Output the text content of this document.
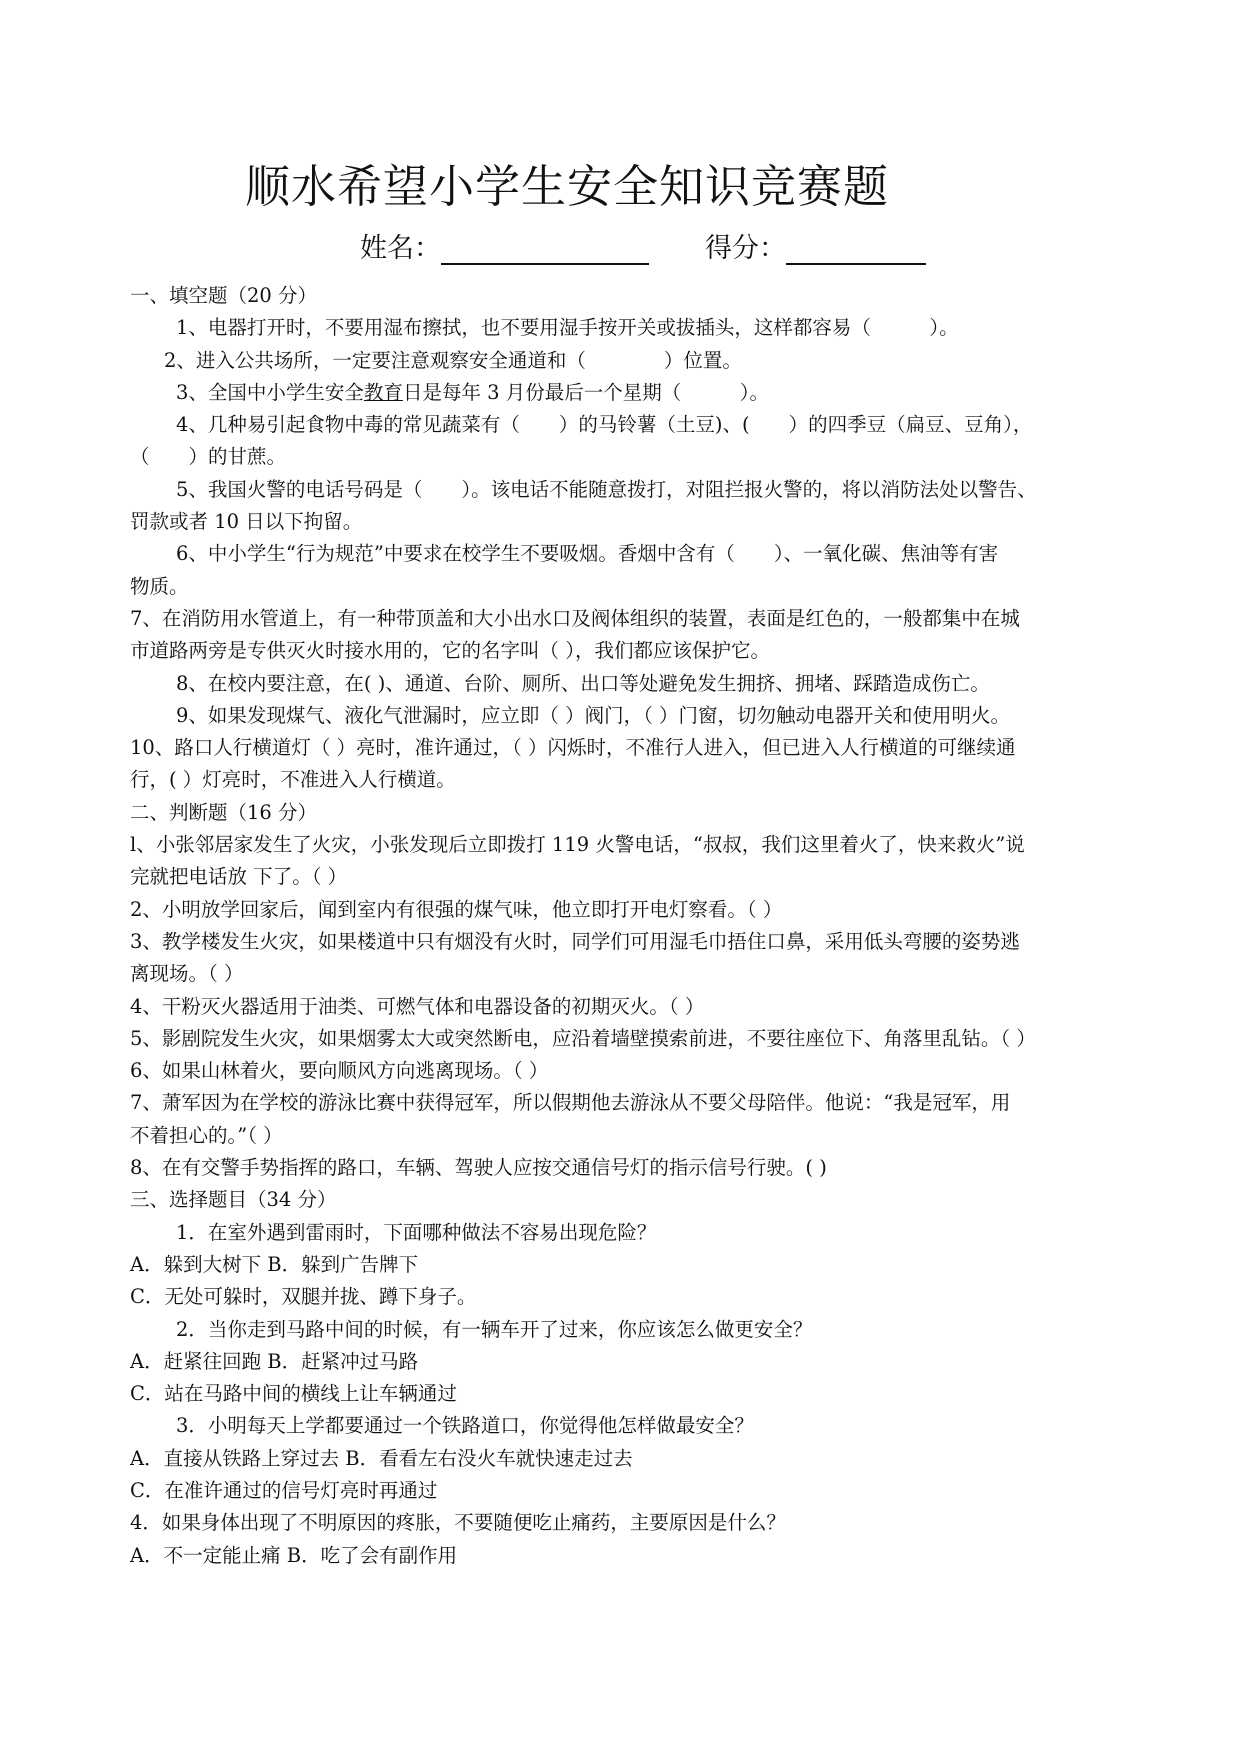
顺水希望小学生安全知识竞赛题
姓名：	得分：
一、填空题（20 分）
1、电器打开时，不要用湿布擦拭，也不要用湿手按开关或拔插头，这样都容易（　　　）。
2、进入公共场所，一定要注意观察安全通道和（　　　　）位置。
3、全国中小学生安全教育日是每年 3 月份最后一个星期（　　　）。
4、几种易引起食物中毒的常见蔬菜有（　　）的马铃薯（土豆)、(　　）的四季豆（扁豆、豆角），
（　　）的甘蔗。
5、我国火警的电话号码是（　　）。该电话不能随意拨打，对阻拦报火警的，将以消防法处以警告、
罚款或者 10 日以下拘留。
6、中小学生“行为规范”中要求在校学生不要吸烟。香烟中含有（　　）、一氧化碳、焦油等有害
物质。
7、在消防用水管道上，有一种带顶盖和大小出水口及阀体组织的装置，表面是红色的，一般都集中在城
市道路两旁是专供灭火时接水用的，它的名字叫（ ），我们都应该保护它。
8、在校内要注意，在( )、通道、台阶、厕所、出口等处避免发生拥挤、拥堵、踩踏造成伤亡。
9、如果发现煤气、液化气泄漏时，应立即（ ）阀门，（ ）门窗，切勿触动电器开关和使用明火。
10、路口人行横道灯（ ）亮时，准许通过，（ ）闪烁时，不准行人进入，但已进入人行横道的可继续通
行，( ）灯亮时，不准进入人行横道。
二、判断题（16 分）
l、小张邻居家发生了火灾，小张发现后立即拨打 119 火警电话，“叔叔，我们这里着火了，快来救火”说
完就把电话放 下了。（ ）
2、小明放学回家后，闻到室内有很强的煤气味，他立即打开电灯察看。（ ）
3、教学楼发生火灾，如果楼道中只有烟没有火时，同学们可用湿毛巾捂住口鼻，采用低头弯腰的姿势逃
离现场。（ ）
4、干粉灭火器适用于油类、可燃气体和电器设备的初期灭火。（ ）
5、影剧院发生火灾，如果烟雾太大或突然断电，应沿着墙壁摸索前进，不要往座位下、角落里乱钻。（ ）
6、如果山林着火，要向顺风方向逃离现场。（ ）
7、萧军因为在学校的游泳比赛中获得冠军，所以假期他去游泳从不要父母陪伴。他说：“我是冠军，用
不着担心的。”（ ）
8、在有交警手势指挥的路口，车辆、驾驶人应按交通信号灯的指示信号行驶。( )
三、选择题目（34 分）
1．在室外遇到雷雨时，下面哪种做法不容易出现危险？
A．躲到大树下 B．躲到广告牌下
C．无处可躲时，双腿并拢、蹲下身子。
2．当你走到马路中间的时候，有一辆车开了过来，你应该怎么做更安全？
A．赶紧往回跑 B．赶紧冲过马路
C．站在马路中间的横线上让车辆通过
3．小明每天上学都要通过一个铁路道口，你觉得他怎样做最安全？
A．直接从铁路上穿过去 B．看看左右没火车就快速走过去
C．在准许通过的信号灯亮时再通过
4．如果身体出现了不明原因的疼胀，不要随便吃止痛药，主要原因是什么？
A．不一定能止痛 B．吃了会有副作用
